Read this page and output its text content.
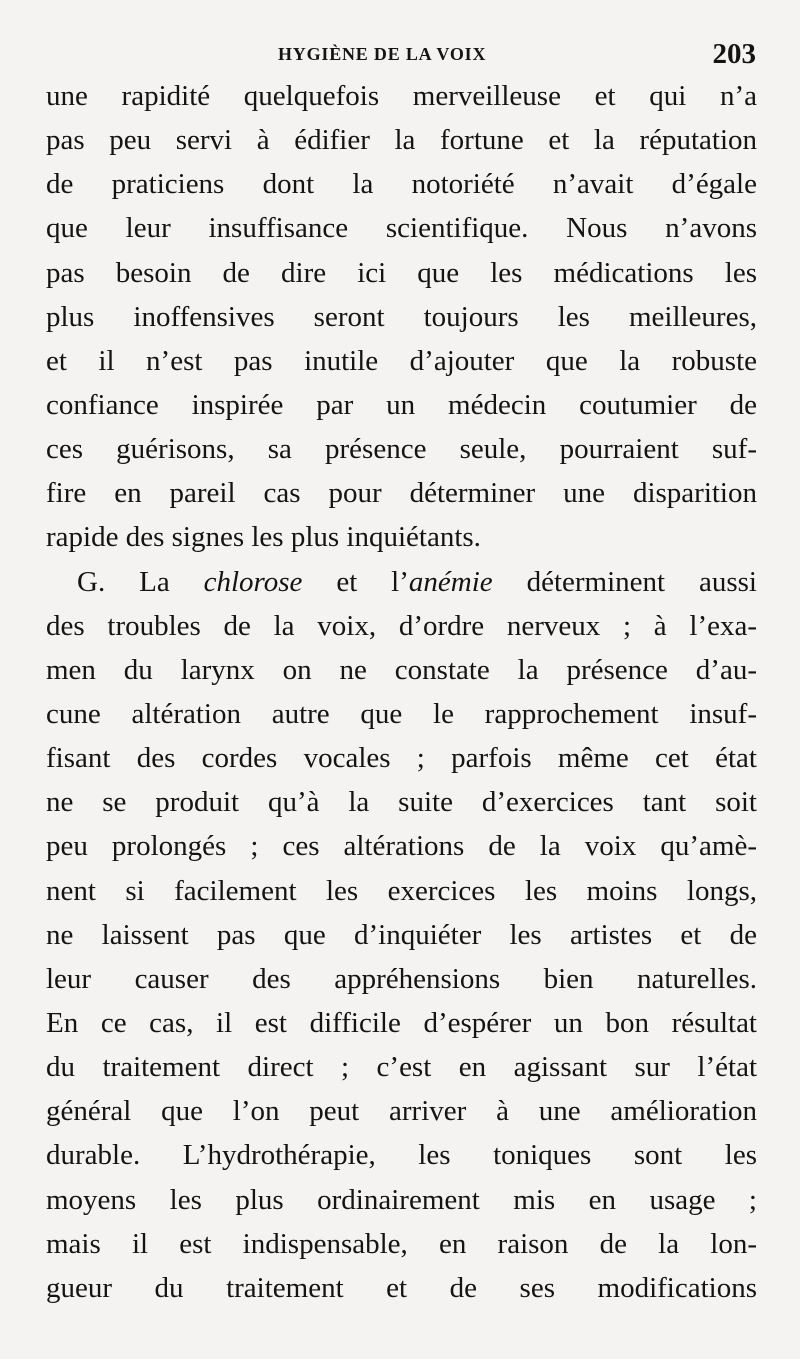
HYGIÈNE DE LA VOIX	203
une rapidité quelquefois merveilleuse et qui n’a
pas peu servi à édifier la fortune et la réputation
de praticiens dont la notoriété n’avait d’égale
que leur insuffisance scientifique. Nous n’avons
pas besoin de dire ici que les médications les
plus inoffensives seront toujours les meilleures,
et il n’est pas inutile d’ajouter que la robuste
confiance inspirée par un médecin coutumier de
ces guérisons, sa présence seule, pourraient suf-
fire en pareil cas pour déterminer une disparition
rapide des signes les plus inquiétants.
G. La chlorose et l’anémie déterminent aussi
des troubles de la voix, d’ordre nerveux ; à l’exa-
men du larynx on ne constate la présence d’au-
cune altération autre que le rapprochement insuf-
fisant des cordes vocales ; parfois même cet état
ne se produit qu’à la suite d’exercices tant soit
peu prolongés ; ces altérations de la voix qu’amè-
nent si facilement les exercices les moins longs,
ne laissent pas que d’inquiéter les artistes et de
leur causer des appréhensions bien naturelles.
En ce cas, il est difficile d’espérer un bon résultat
du traitement direct ; c’est en agissant sur l’état
général que l’on peut arriver à une amélioration
durable. L’hydrothérapie, les toniques sont les
moyens les plus ordinairement mis en usage ;
mais il est indispensable, en raison de la lon-
gueur du traitement et de ses modifications
